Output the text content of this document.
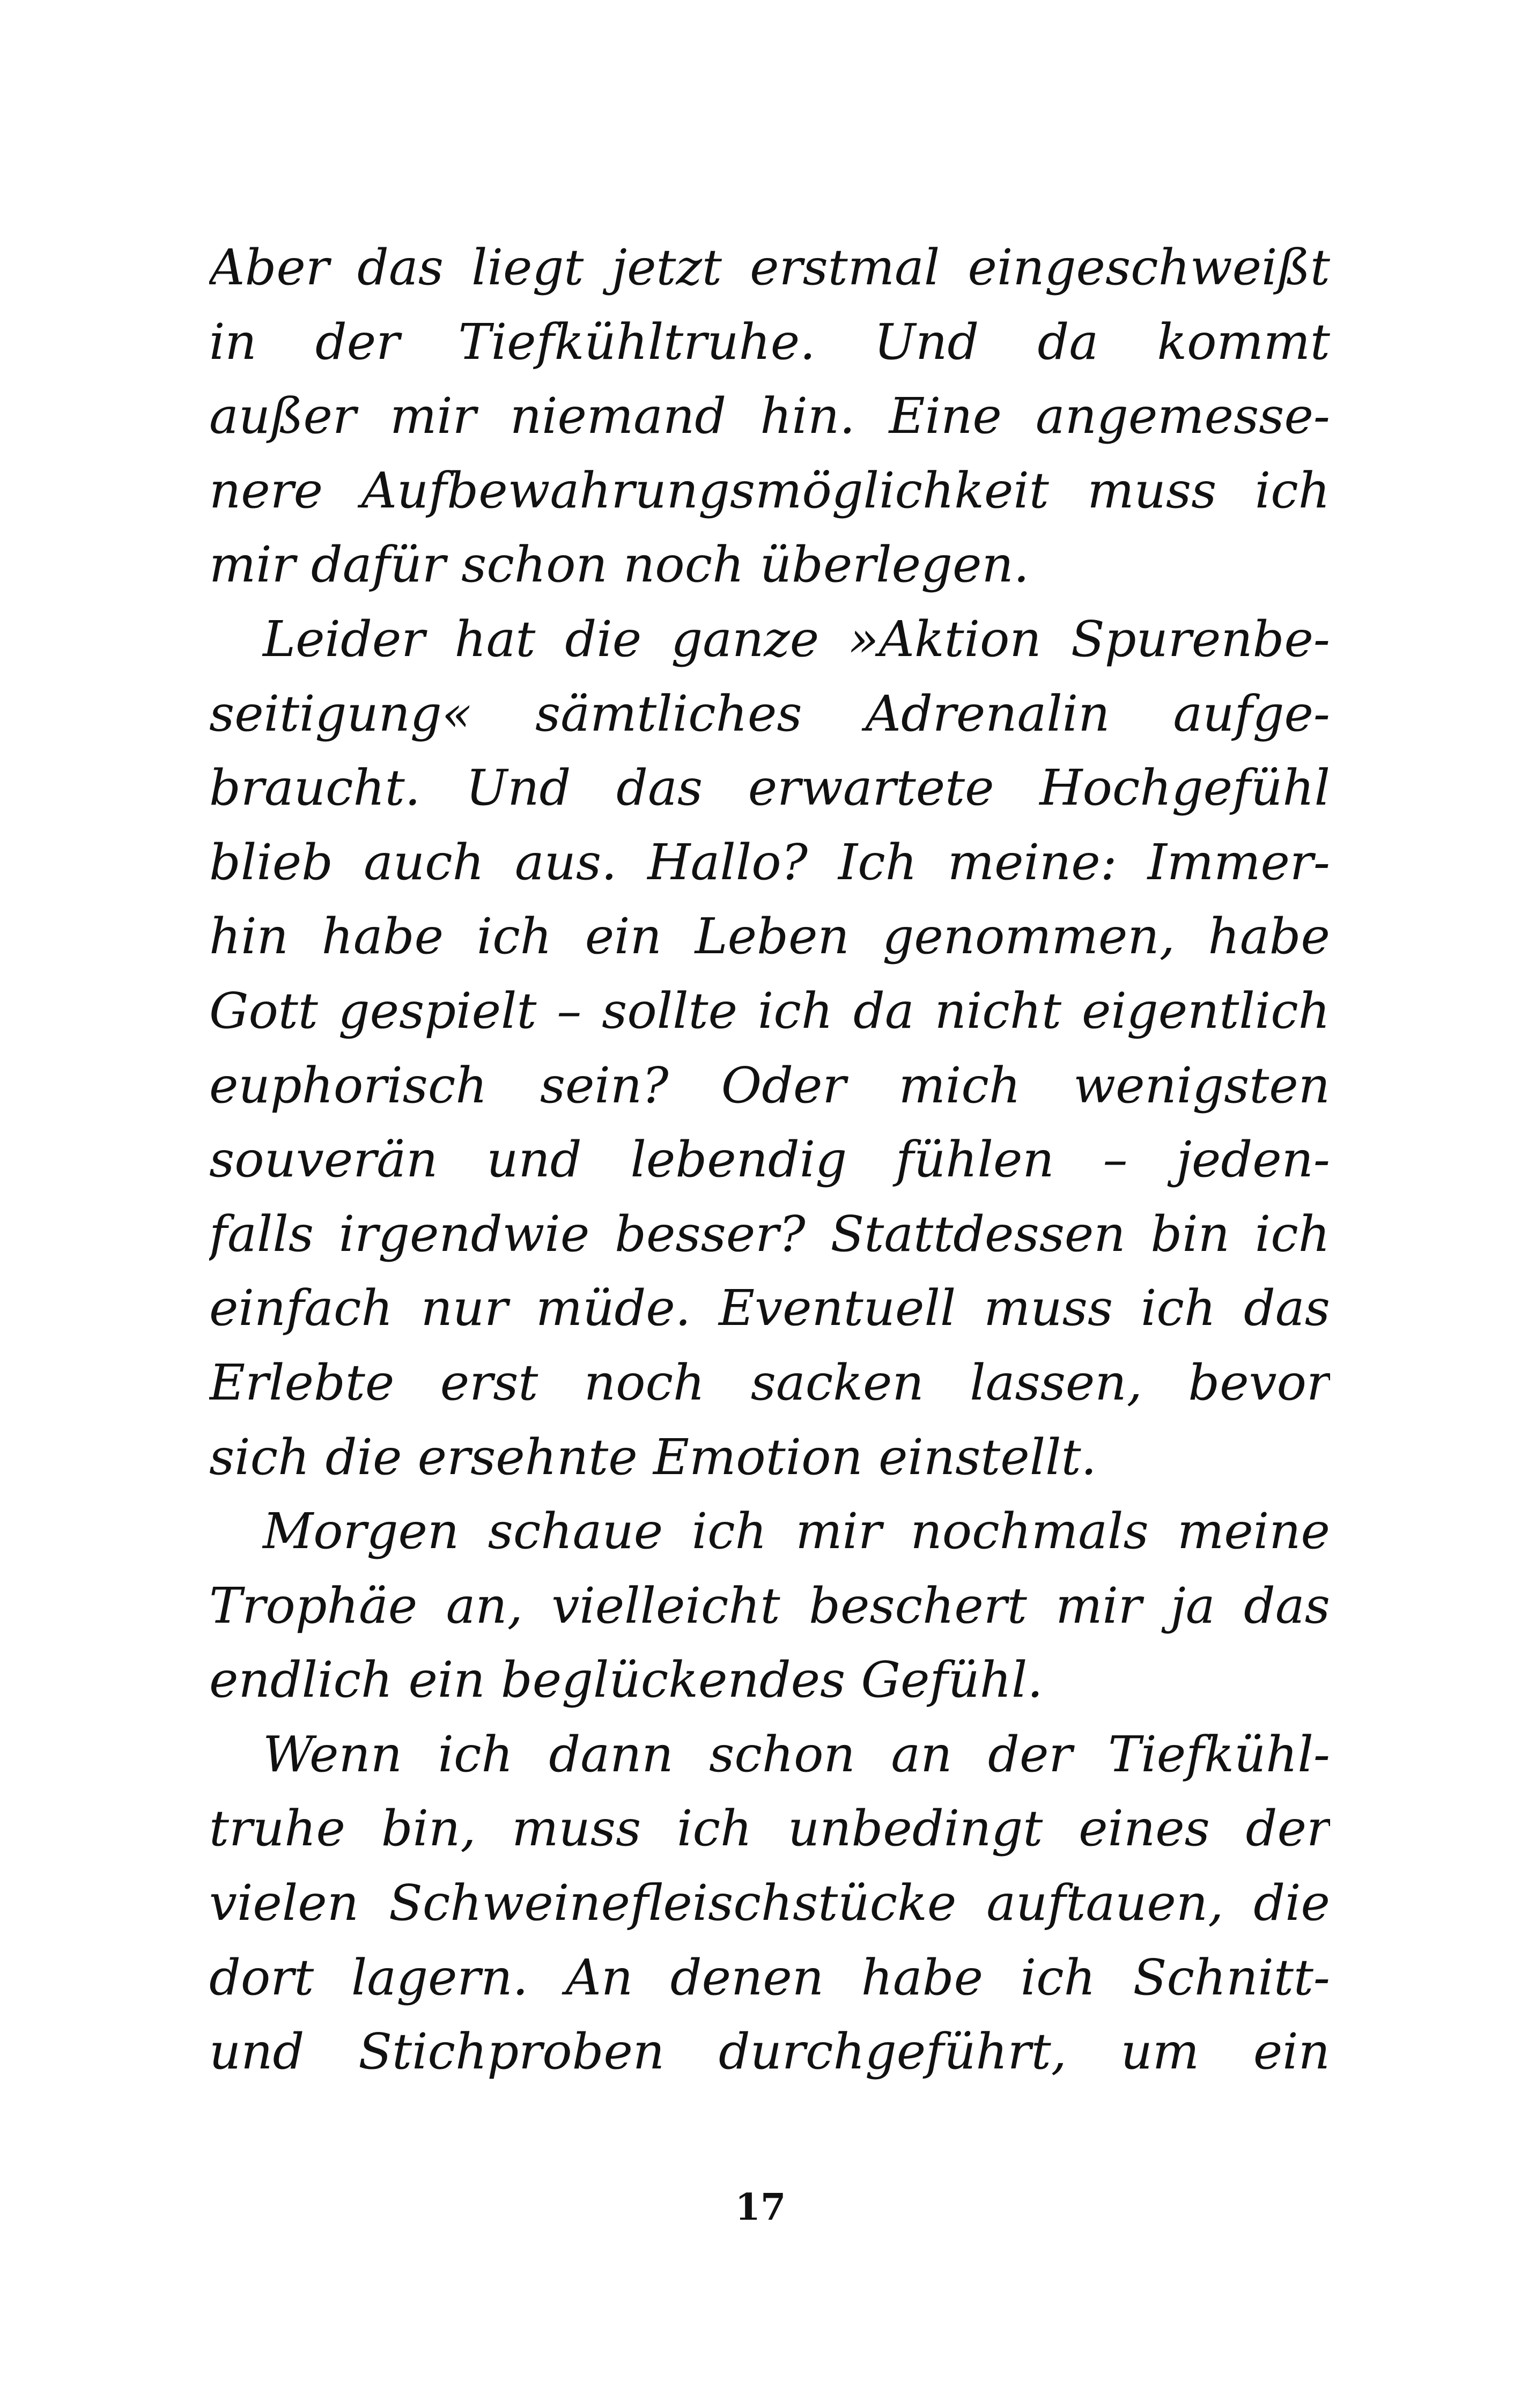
Aber das liegt jetzt erstmal eingeschweißt
in der Tiefkühltruhe. Und da kommt
außer mir niemand hin. Eine angemesse-
nere Aufbewahrungsmöglichkeit muss ich
mir dafür schon noch überlegen.
Leider hat die ganze »Aktion Spurenbe-
seitigung« sämtliches Adrenalin aufge-
braucht. Und das erwartete Hochgefühl
blieb auch aus. Hallo? Ich meine: Immer-
hin habe ich ein Leben genommen, habe
Gott gespielt – sollte ich da nicht eigentlich
euphorisch sein? Oder mich wenigsten
souverän und lebendig fühlen – jeden-
falls irgendwie besser? Stattdessen bin ich
einfach nur müde. Eventuell muss ich das
Erlebte erst noch sacken lassen, bevor
sich die ersehnte Emotion einstellt.
Morgen schaue ich mir nochmals meine
Trophäe an, vielleicht beschert mir ja das
endlich ein beglückendes Gefühl.
Wenn ich dann schon an der Tiefkühl-
truhe bin, muss ich unbedingt eines der
vielen Schweinefleischstücke auftauen, die
dort lagern. An denen habe ich Schnitt-
und Stichproben durchgeführt, um ein
17
